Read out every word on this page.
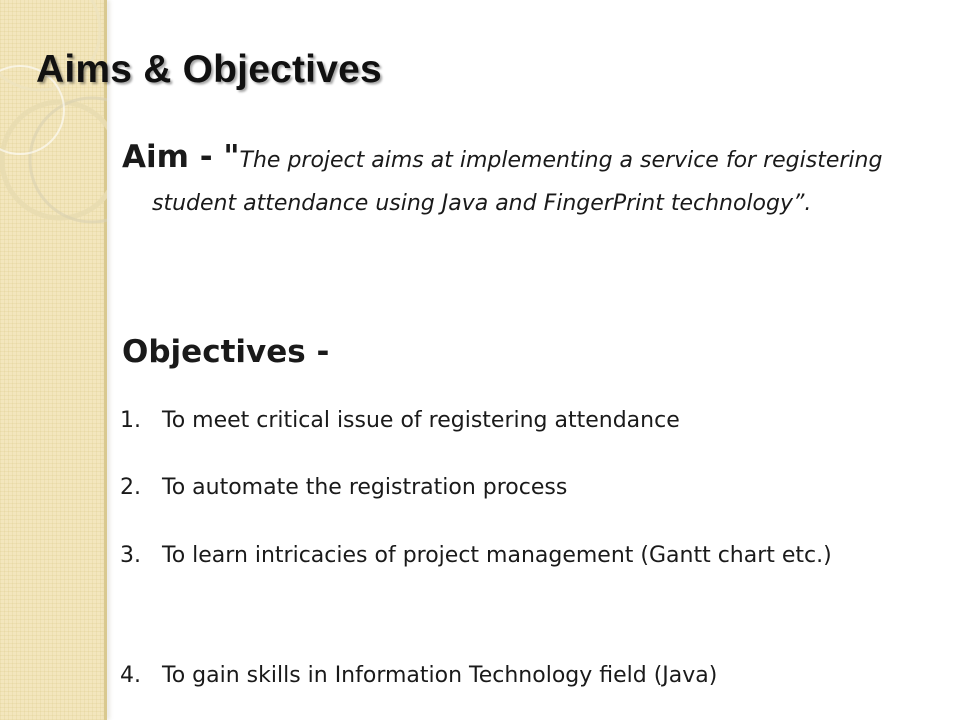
Aims & Objectives

Aim - "The project aims at implementing a service for registering student attendance using Java and FingerPrint technology”.

Objectives -
1. To meet critical issue of registering attendance
2. To automate the registration process
3. To learn intricacies of project management (Gantt chart etc.)
4. To gain skills in Information Technology field (Java)
